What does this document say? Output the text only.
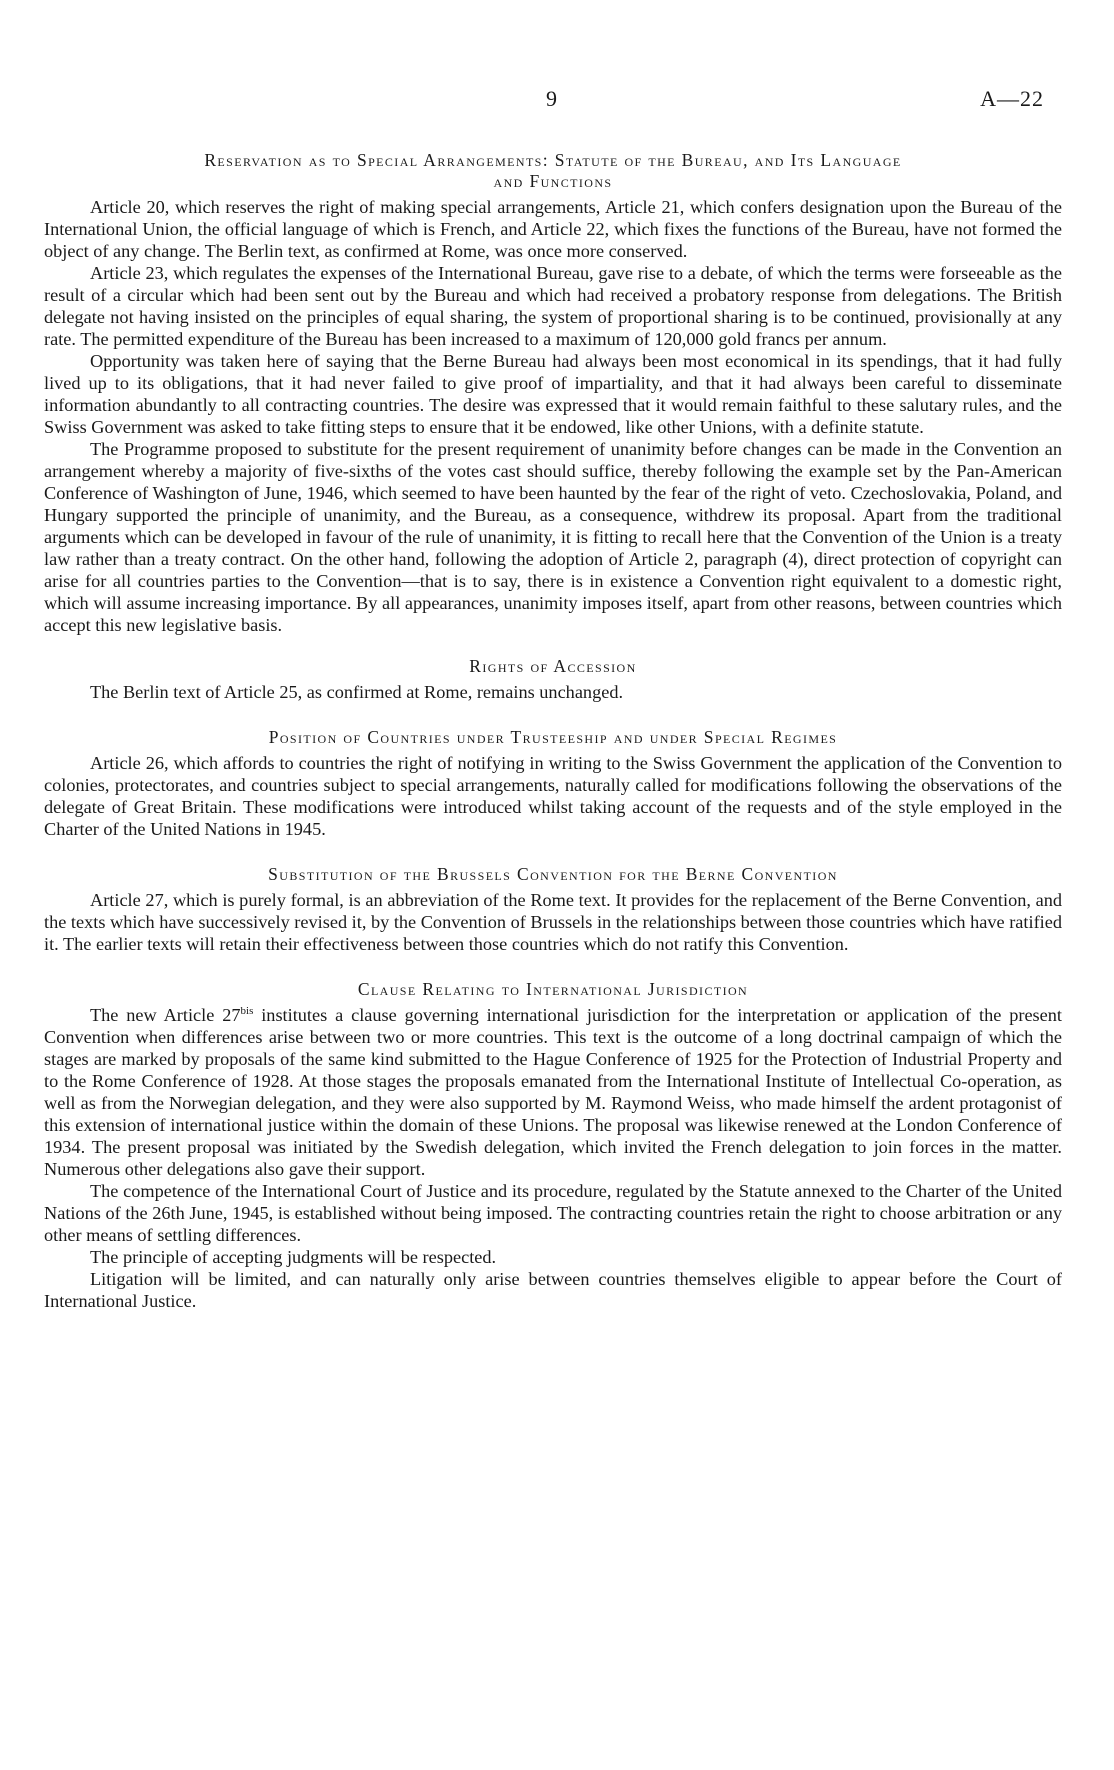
9	A—22
Reservation as to Special Arrangements: Statute of the Bureau, and Its Language
and Functions

Article 20, which reserves the right of making special arrangements, Article 21, which confers designation upon the Bureau of the International Union, the official language of which is French, and Article 22, which fixes the functions of the Bureau, have not formed the object of any change. The Berlin text, as confirmed at Rome, was once more conserved.

Article 23, which regulates the expenses of the International Bureau, gave rise to a debate, of which the terms were forseeable as the result of a circular which had been sent out by the Bureau and which had received a probatory response from delegations. The British delegate not having insisted on the principles of equal sharing, the system of proportional sharing is to be continued, provisionally at any rate. The permitted expenditure of the Bureau has been increased to a maximum of 120,000 gold francs per annum.

Opportunity was taken here of saying that the Berne Bureau had always been most economical in its spendings, that it had fully lived up to its obligations, that it had never failed to give proof of impartiality, and that it had always been careful to disseminate information abundantly to all contracting countries. The desire was expressed that it would remain faithful to these salutary rules, and the Swiss Government was asked to take fitting steps to ensure that it be endowed, like other Unions, with a definite statute.

The Programme proposed to substitute for the present requirement of unanimity before changes can be made in the Convention an arrangement whereby a majority of five-sixths of the votes cast should suffice, thereby following the example set by the Pan-American Conference of Washington of June, 1946, which seemed to have been haunted by the fear of the right of veto. Czechoslovakia, Poland, and Hungary supported the principle of unanimity, and the Bureau, as a consequence, withdrew its proposal. Apart from the traditional arguments which can be developed in favour of the rule of unanimity, it is fitting to recall here that the Convention of the Union is a treaty law rather than a treaty contract. On the other hand, following the adoption of Article 2, paragraph (4), direct protection of copyright can arise for all countries parties to the Convention—that is to say, there is in existence a Convention right equivalent to a domestic right, which will assume increasing importance. By all appearances, unanimity imposes itself, apart from other reasons, between countries which accept this new legislative basis.

Rights of Accession

The Berlin text of Article 25, as confirmed at Rome, remains unchanged.

Position of Countries under Trusteeship and under Special Regimes

Article 26, which affords to countries the right of notifying in writing to the Swiss Government the application of the Convention to colonies, protectorates, and countries subject to special arrangements, naturally called for modifications following the observations of the delegate of Great Britain. These modifications were introduced whilst taking account of the requests and of the style employed in the Charter of the United Nations in 1945.

Substitution of the Brussels Convention for the Berne Convention

Article 27, which is purely formal, is an abbreviation of the Rome text. It provides for the replacement of the Berne Convention, and the texts which have successively revised it, by the Convention of Brussels in the relationships between those countries which have ratified it. The earlier texts will retain their effectiveness between those countries which do not ratify this Convention.

Clause Relating to International Jurisdiction

The new Article $27^{bis}$ institutes a clause governing international jurisdiction for the interpretation or application of the present Convention when differences arise between two or more countries. This text is the outcome of a long doctrinal campaign of which the stages are marked by proposals of the same kind submitted to the Hague Conference of 1925 for the Protection of Industrial Property and to the Rome Conference of 1928. At those stages the proposals emanated from the International Institute of Intellectual Co-operation, as well as from the Norwegian delegation, and they were also supported by M. Raymond Weiss, who made himself the ardent protagonist of this extension of international justice within the domain of these Unions. The proposal was likewise renewed at the London Conference of 1934. The present proposal was initiated by the Swedish delegation, which invited the French delegation to join forces in the matter. Numerous other delegations also gave their support.

The competence of the International Court of Justice and its procedure, regulated by the Statute annexed to the Charter of the United Nations of the 26th June, 1945, is established without being imposed. The contracting countries retain the right to choose arbitration or any other means of settling differences.

The principle of accepting judgments will be respected.

Litigation will be limited, and can naturally only arise between countries themselves eligible to appear before the Court of International Justice.
